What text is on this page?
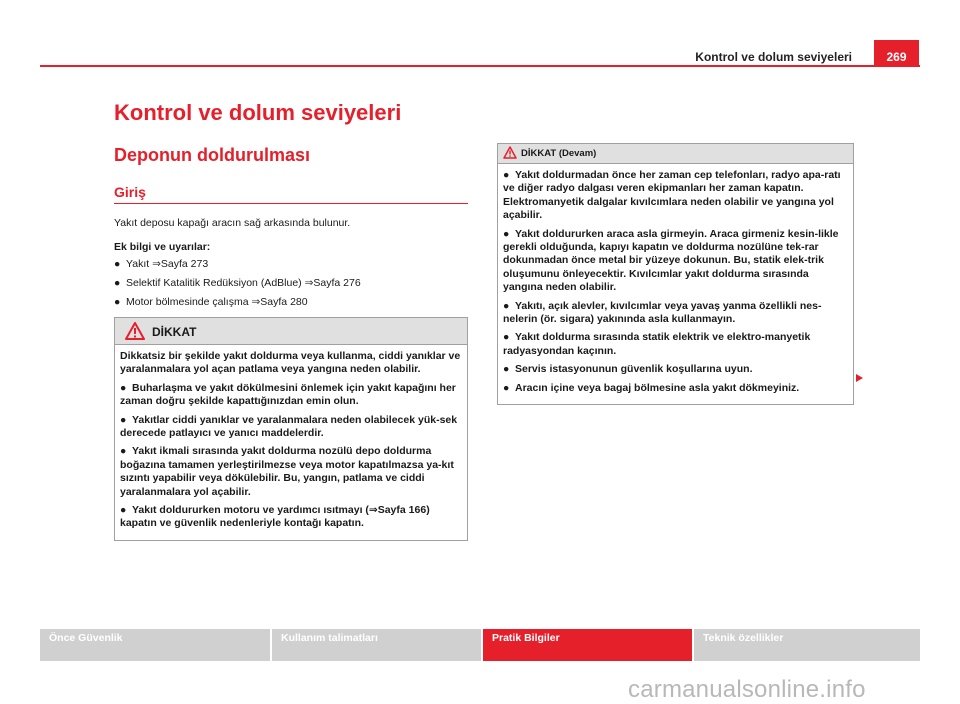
Kontrol ve dolum seviyeleri	269
Kontrol ve dolum seviyeleri
Deponun doldurulması
Giriş
Yakıt deposu kapağı aracın sağ arkasında bulunur.
Ek bilgi ve uyarılar:
● Yakıt ⇒Sayfa 273
● Selektif Katalitik Redüksiyon (AdBlue) ⇒Sayfa 276
● Motor bölmesinde çalışma ⇒Sayfa 280
DİKKAT

Dikkatsiz bir şekilde yakıt doldurma veya kullanma, ciddi yanıklar ve yaralanmalara yol açan patlama veya yangına neden olabilir.

● Buharlaşma ve yakıt dökülmesini önlemek için yakıt kapağını her zaman doğru şekilde kapattığınızdan emin olun.

● Yakıtlar ciddi yanıklar ve yaralanmalara neden olabilecek yük-sek derecede patlayıcı ve yanıcı maddelerdir.

● Yakıt ikmali sırasında yakıt doldurma nozülü depo doldurma boğazına tamamen yerleştirilmezse veya motor kapatılmazsa ya-kıt sızıntı yapabilir veya dökülebilir. Bu, yangın, patlama ve ciddi yaralanmalara yol açabilir.

● Yakıt doldururken motoru ve yardımcı ısıtmayı (⇒Sayfa 166) kapatın ve güvenlik nedenleriyle kontağı kapatın.

DİKKAT (Devam)

● Yakıt doldurmadan önce her zaman cep telefonları, radyo apa-ratı ve diğer radyo dalgası veren ekipmanları her zaman kapatın. Elektromanyetik dalgalar kıvılcımlara neden olabilir ve yangına yol açabilir.

● Yakıt doldururken araca asla girmeyin. Araca girmeniz kesin-likle gerekli olduğunda, kapıyı kapatın ve doldurma nozülüne tek-rar dokunmadan önce metal bir yüzeye dokunun. Bu, statik elek-trik oluşumunu önleyecektir. Kıvılcımlar yakıt doldurma sırasında yangına neden olabilir.

● Yakıtı, açık alevler, kıvılcımlar veya yavaş yanma özellikli nes-nelerin (ör. sigara) yakınında asla kullanmayın.

● Yakıt doldurma sırasında statik elektrik ve elektro-manyetik radyasyondan kaçının.

● Servis istasyonunun güvenlik koşullarına uyun.

● Aracın içine veya bagaj bölmesine asla yakıt dökmeyiniz.

Önce Güvenlik	Kullanım talimatları	Pratik Bilgiler	Teknik özellikler
carmanualsonline.info
